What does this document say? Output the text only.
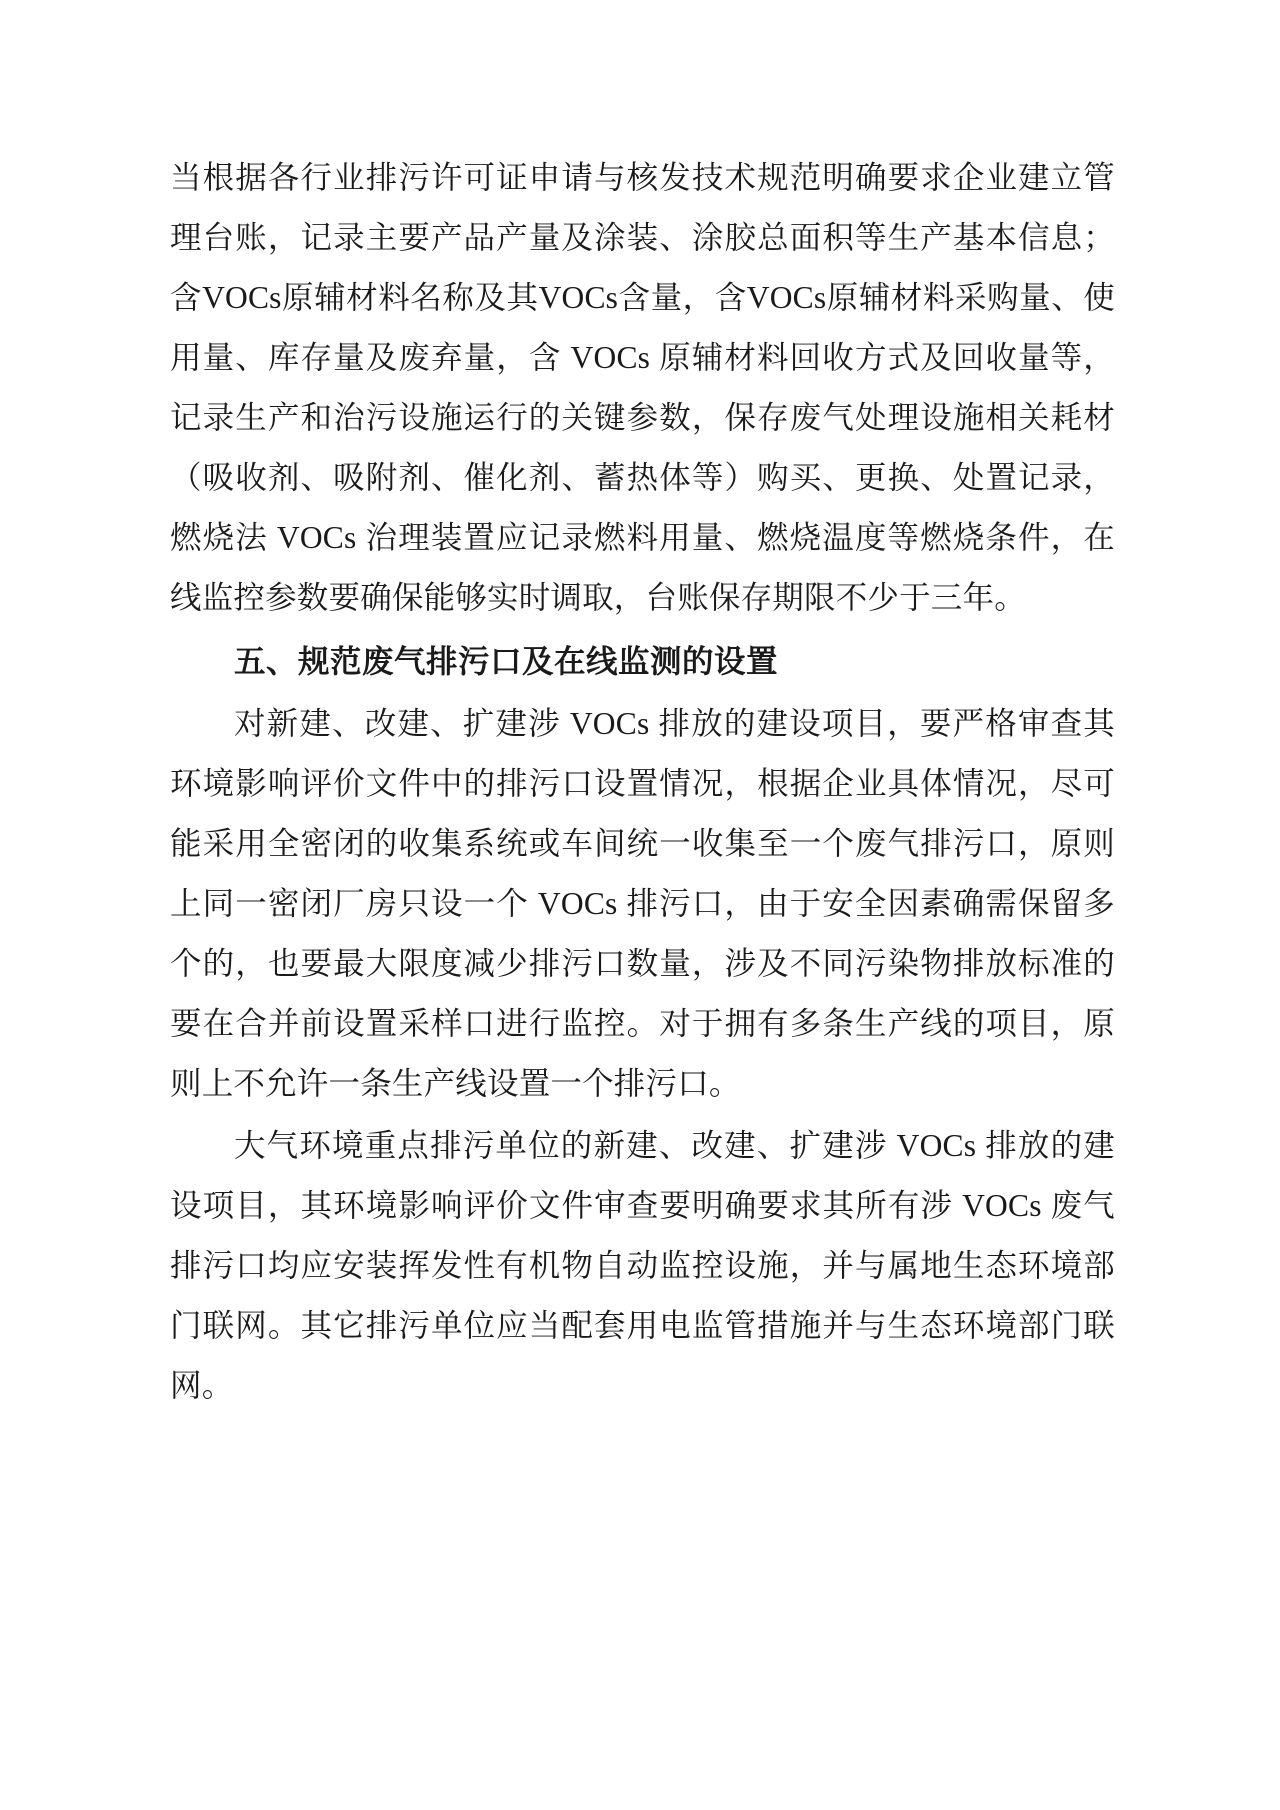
当根据各行业排污许可证申请与核发技术规范明确要求企业建立管理台账，记录主要产品产量及涂装、涂胶总面积等生产基本信息；含VOCs原辅材料名称及其VOCs含量，含VOCs原辅材料采购量、使用量、库存量及废弃量，含 VOCs 原辅材料回收方式及回收量等，记录生产和治污设施运行的关键参数，保存废气处理设施相关耗材（吸收剂、吸附剂、催化剂、蓄热体等）购买、更换、处置记录，燃烧法 VOCs 治理装置应记录燃料用量、燃烧温度等燃烧条件，在线监控参数要确保能够实时调取，台账保存期限不少于三年。

五、规范废气排污口及在线监测的设置

对新建、改建、扩建涉 VOCs 排放的建设项目，要严格审查其环境影响评价文件中的排污口设置情况，根据企业具体情况，尽可能采用全密闭的收集系统或车间统一收集至一个废气排污口，原则上同一密闭厂房只设一个 VOCs 排污口，由于安全因素确需保留多个的，也要最大限度减少排污口数量，涉及不同污染物排放标准的要在合并前设置采样口进行监控。对于拥有多条生产线的项目，原则上不允许一条生产线设置一个排污口。

大气环境重点排污单位的新建、改建、扩建涉 VOCs 排放的建设项目，其环境影响评价文件审查要明确要求其所有涉 VOCs 废气排污口均应安装挥发性有机物自动监控设施，并与属地生态环境部门联网。其它排污单位应当配套用电监管措施并与生态环境部门联网。
